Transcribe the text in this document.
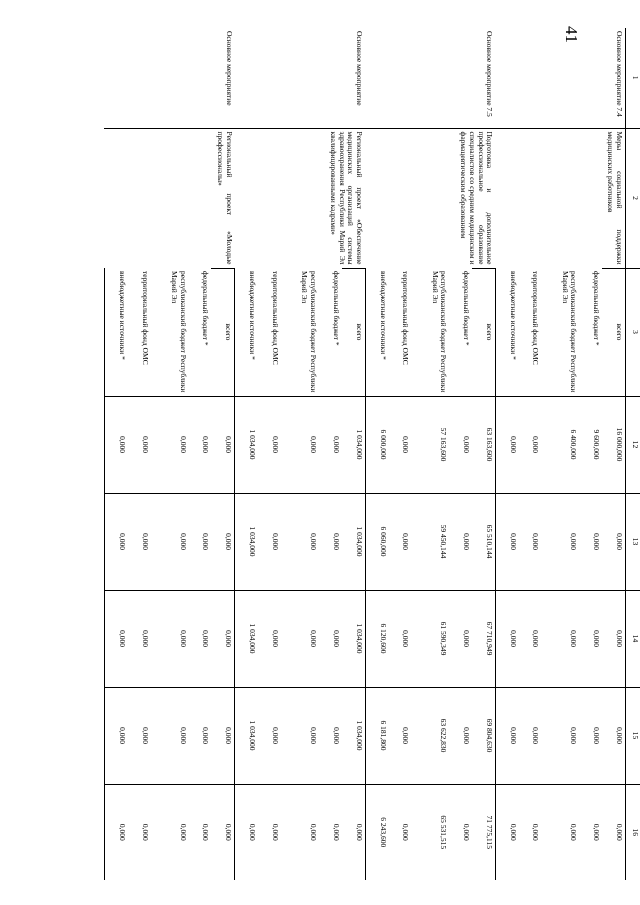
41
1	2	3	12	13	14	15	16
Основное мероприятие 7.4	Меры социальной поддержки медицинских работников	всего	16 000,000	0,000	0,000	0,000	0,000
		федеральный бюджет *	9 600,000	0,000	0,000	0,000	0,000
		республиканский бюджет Республики Марий Эл	6 400,000	0,000	0,000	0,000	0,000
		территориальный фонд ОМС	0,000	0,000	0,000	0,000	0,000
		внебюджетные источники *	0,000	0,000	0,000	0,000	0,000
Основное мероприятие 7.5	Подготовка и дополнительное профессиональное образование специалистов со средним медицинским и фармацевтическим образованием	всего	63 163,600	65 510,144	67 710,949	69 804,630	71 775,115
		федеральный бюджет *	0,000	0,000	0,000	0,000	0,000
		республиканский бюджет Республики Марий Эл	57 163,600	59 450,144	61 590,349	63 622,830	65 531,515
		территориальный фонд ОМС	0,000	0,000	0,000	0,000	0,000
		внебюджетные источники *	6 000,000	6 060,000	6 120,600	6 181,800	6 243,600
Основное мероприятие	Региональный проект «Обеспечение медицинских организаций системы здравоохранения Республики Марий Эл квалифицированными кадрами»	всего	1 034,000	1 034,000	1 034,000	1 034,000	0,000
		федеральный бюджет *	0,000	0,000	0,000	0,000	0,000
		республиканский бюджет Республики Марий Эл	0,000	0,000	0,000	0,000	0,000
		территориальный фонд ОМС	0,000	0,000	0,000	0,000	0,000
		внебюджетные источники *	1 034,000	1 034,000	1 034,000	1 034,000	0,000
Основное мероприятие	Региональный проект «Молодые профессионалы»	всего	0,000	0,000	0,000	0,000	0,000
		федеральный бюджет *	0,000	0,000	0,000	0,000	0,000
		республиканский бюджет Республики Марий Эл	0,000	0,000	0,000	0,000	0,000
		территориальный фонд ОМС	0,000	0,000	0,000	0,000	0,000
		внебюджетные источники *	0,000	0,000	0,000	0,000	0,000
